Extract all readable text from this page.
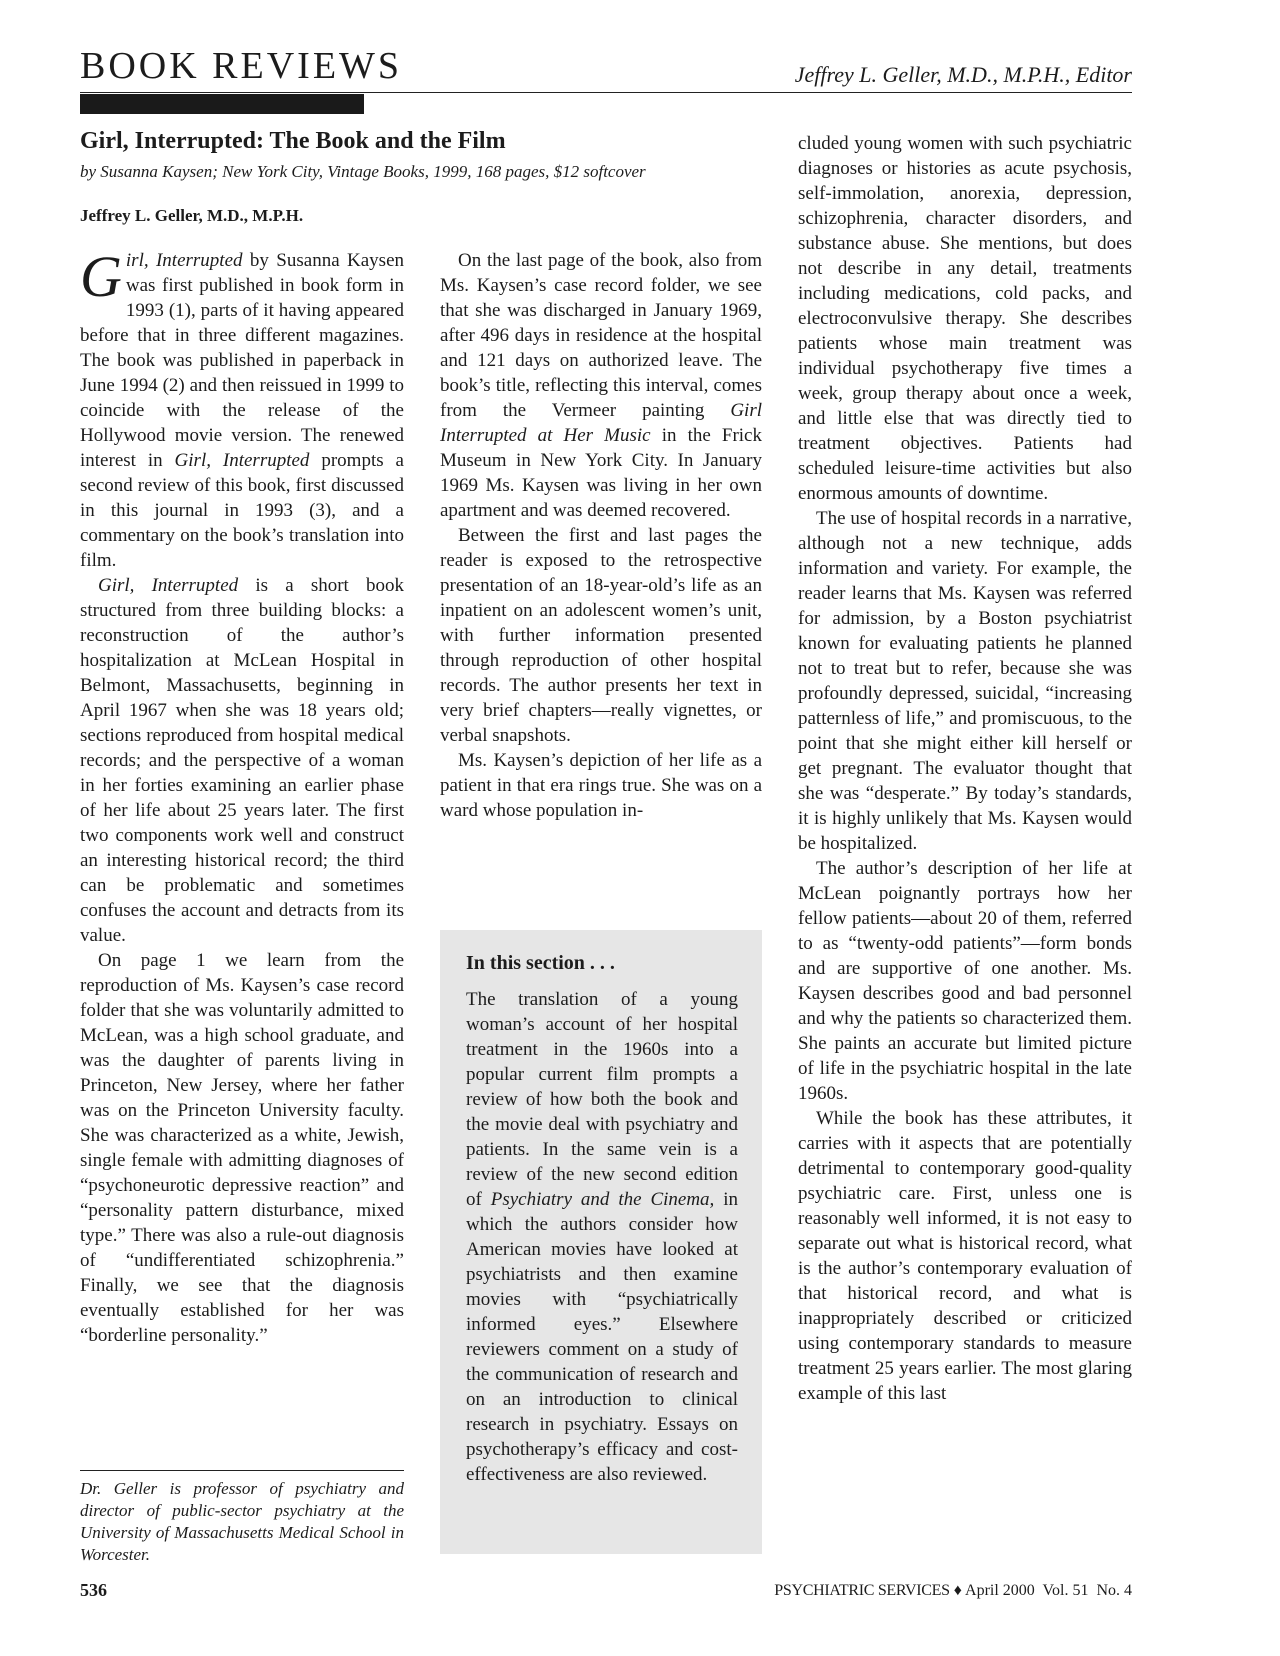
BOOK REVIEWS	Jeffrey L. Geller, M.D., M.P.H., Editor
Girl, Interrupted: The Book and the Film
by Susanna Kaysen; New York City, Vintage Books, 1999, 168 pages, $12 softcover
Jeffrey L. Geller, M.D., M.P.H.

Girl, Interrupted by Susanna Kaysen was first published in book form in 1993 (1), parts of it having appeared before that in three different magazines. The book was published in paperback in June 1994 (2) and then reissued in 1999 to coincide with the release of the Hollywood movie version. The renewed interest in Girl, Interrupted prompts a second review of this book, first discussed in this journal in 1993 (3), and a commentary on the book’s translation into film.

Girl, Interrupted is a short book structured from three building blocks: a reconstruction of the author’s hospitalization at McLean Hospital in Belmont, Massachusetts, beginning in April 1967 when she was 18 years old; sections reproduced from hospital medical records; and the perspective of a woman in her forties examining an earlier phase of her life about 25 years later. The first two components work well and construct an interesting historical record; the third can be problematic and sometimes confuses the account and detracts from its value.

On page 1 we learn from the reproduction of Ms. Kaysen’s case record folder that she was voluntarily admitted to McLean, was a high school graduate, and was the daughter of parents living in Princeton, New Jersey, where her father was on the Princeton University faculty. She was characterized as a white, Jewish, single female with admitting diagnoses of “psychoneurotic depressive reaction” and “personality pattern disturbance, mixed type.” There was also a rule-out diagnosis of “undifferentiated schizophrenia.” Finally, we see that the diagnosis eventually established for her was “borderline personality.”

Dr. Geller is professor of psychiatry and director of public-sector psychiatry at the University of Massachusetts Medical School in Worcester.

On the last page of the book, also from Ms. Kaysen’s case record folder, we see that she was discharged in January 1969, after 496 days in residence at the hospital and 121 days on authorized leave. The book’s title, reflecting this interval, comes from the Vermeer painting Girl Interrupted at Her Music in the Frick Museum in New York City. In January 1969 Ms. Kaysen was living in her own apartment and was deemed recovered.

Between the first and last pages the reader is exposed to the retrospective presentation of an 18-year-old’s life as an inpatient on an adolescent women’s unit, with further information presented through reproduction of other hospital records. The author presents her text in very brief chapters—really vignettes, or verbal snapshots.

Ms. Kaysen’s depiction of her life as a patient in that era rings true. She was on a ward whose population in-

In this section . . .

The translation of a young woman’s account of her hospital treatment in the 1960s into a popular current film prompts a review of how both the book and the movie deal with psychiatry and patients. In the same vein is a review of the new second edition of Psychiatry and the Cinema, in which the authors consider how American movies have looked at psychiatrists and then examine movies with “psychiatrically informed eyes.” Elsewhere reviewers comment on a study of the communication of research and on an introduction to clinical research in psychiatry. Essays on psychotherapy’s efficacy and cost-effectiveness are also reviewed.

cluded young women with such psychiatric diagnoses or histories as acute psychosis, self-immolation, anorexia, depression, schizophrenia, character disorders, and substance abuse. She mentions, but does not describe in any detail, treatments including medications, cold packs, and electroconvulsive therapy. She describes patients whose main treatment was individual psychotherapy five times a week, group therapy about once a week, and little else that was directly tied to treatment objectives. Patients had scheduled leisure-time activities but also enormous amounts of downtime.

The use of hospital records in a narrative, although not a new technique, adds information and variety. For example, the reader learns that Ms. Kaysen was referred for admission, by a Boston psychiatrist known for evaluating patients he planned not to treat but to refer, because she was profoundly depressed, suicidal, “increasing patternless of life,” and promiscuous, to the point that she might either kill herself or get pregnant. The evaluator thought that she was “desperate.” By today’s standards, it is highly unlikely that Ms. Kaysen would be hospitalized.

The author’s description of her life at McLean poignantly portrays how her fellow patients—about 20 of them, referred to as “twenty-odd patients”—form bonds and are supportive of one another. Ms. Kaysen describes good and bad personnel and why the patients so characterized them. She paints an accurate but limited picture of life in the psychiatric hospital in the late 1960s.

While the book has these attributes, it carries with it aspects that are potentially detrimental to contemporary good-quality psychiatric care. First, unless one is reasonably well informed, it is not easy to separate out what is historical record, what is the author’s contemporary evaluation of that historical record, and what is inappropriately described or criticized using contemporary standards to measure treatment 25 years earlier. The most glaring example of this last

536	PSYCHIATRIC SERVICES ♦ April 2000  Vol. 51  No. 4
